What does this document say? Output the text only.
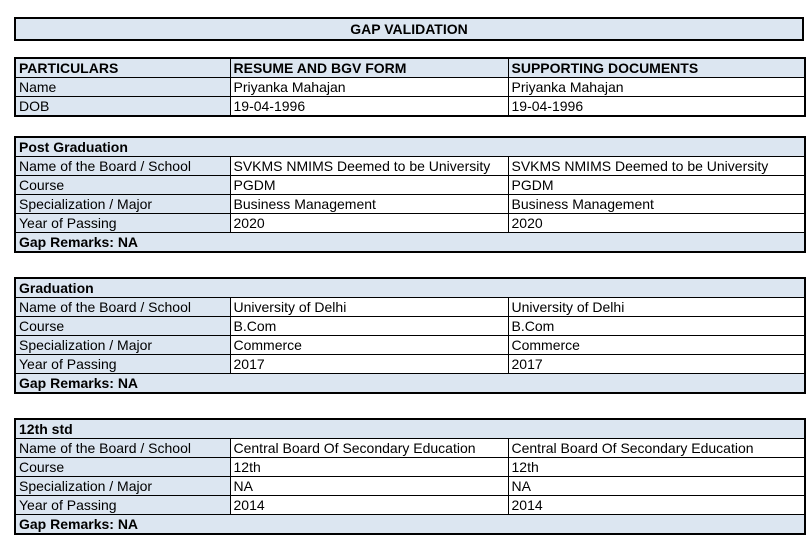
GAP VALIDATION
PARTICULARS	RESUME AND BGV FORM	SUPPORTING DOCUMENTS
Name	Priyanka Mahajan	Priyanka Mahajan
DOB	19-04-1996	19-04-1996
Post Graduation		
Name of the Board / School	SVKMS NMIMS Deemed to be University	SVKMS NMIMS Deemed to be University
Course	PGDM	PGDM
Specialization / Major	Business Management	Business Management
Year of Passing	2020	2020
Gap Remarks: NA		
Graduation		
Name of the Board / School	University of Delhi	University of Delhi
Course	B.Com	B.Com
Specialization / Major	Commerce	Commerce
Year of Passing	2017	2017
Gap Remarks: NA		
12th std		
Name of the Board / School	Central Board Of Secondary Education	Central Board Of Secondary Education
Course	12th	12th
Specialization / Major	NA	NA
Year of Passing	2014	2014
Gap Remarks: NA		
